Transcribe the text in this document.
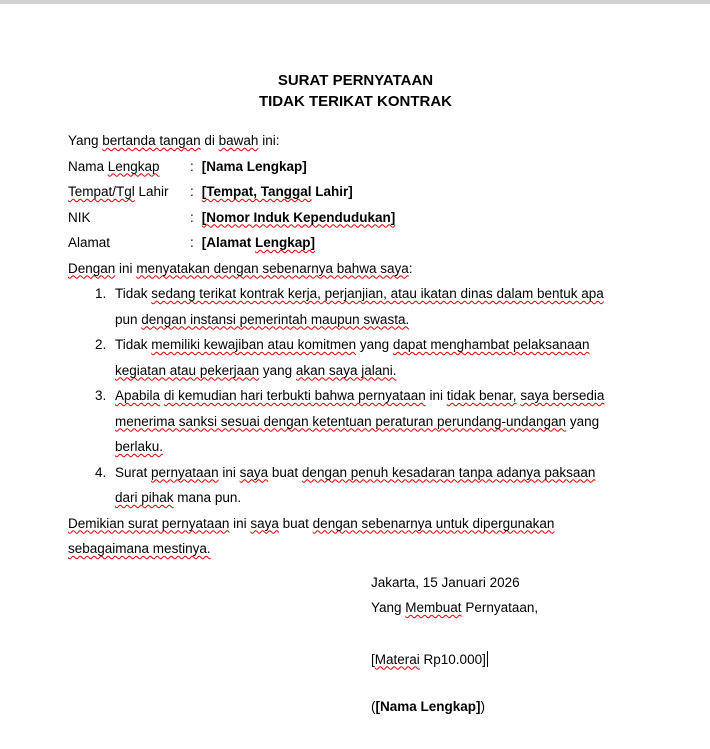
SURAT PERNYATAAN
TIDAK TERIKAT KONTRAK
Yang bertanda tangan di bawah ini:
Nama Lengkap	: [Nama Lengkap]
Tempat/Tgl Lahir	: [Tempat, Tanggal Lahir]
NIK	: [Nomor Induk Kependudukan]
Alamat	: [Alamat Lengkap]
Dengan ini menyatakan dengan sebenarnya bahwa saya:
1. Tidak sedang terikat kontrak kerja, perjanjian, atau ikatan dinas dalam bentuk apa
pun dengan instansi pemerintah maupun swasta.
2. Tidak memiliki kewajiban atau komitmen yang dapat menghambat pelaksanaan
kegiatan atau pekerjaan yang akan saya jalani.
3. Apabila di kemudian hari terbukti bahwa pernyataan ini tidak benar, saya bersedia
menerima sanksi sesuai dengan ketentuan peraturan perundang-undangan yang
berlaku.
4. Surat pernyataan ini saya buat dengan penuh kesadaran tanpa adanya paksaan
dari pihak mana pun.
Demikian surat pernyataan ini saya buat dengan sebenarnya untuk dipergunakan
sebagaimana mestinya.
Jakarta, 15 Januari 2026
Yang Membuat Pernyataan,
[Materai Rp10.000]
([Nama Lengkap])
